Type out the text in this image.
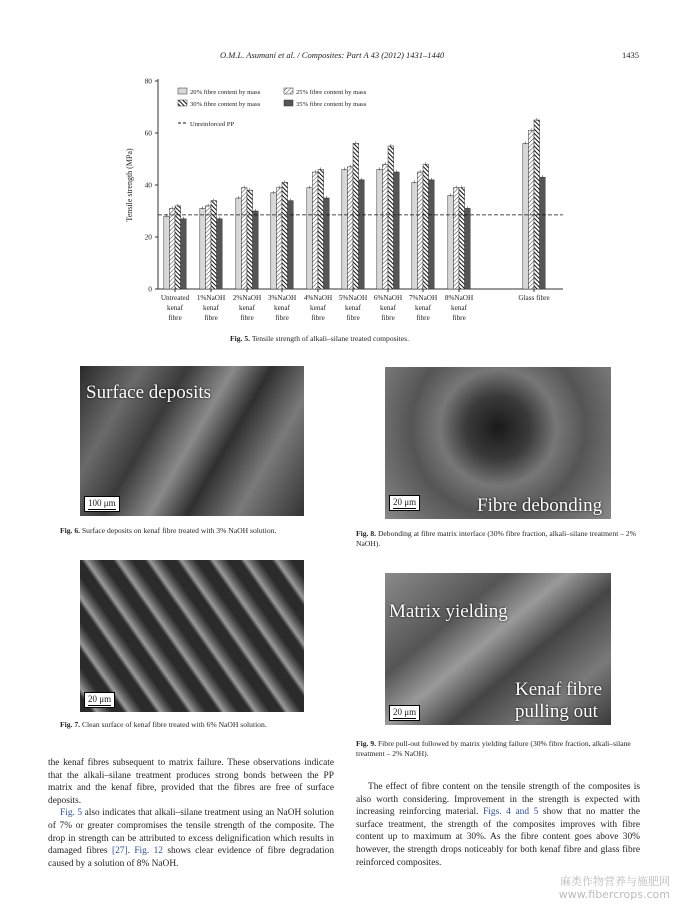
O.M.L. Asumani et al. / Composites: Part A 43 (2012) 1431–1440	1435
0
20
40
60
80
Tensile strength (MPa)
Untreated
kenaf
fibre
1%NaOH
kenaf
fibre
2%NaOH
kenaf
fibre
3%NaOH
kenaf
fibre
4%NaOH
kenaf
fibre
5%NaOH
kenaf
fibre
6%NaOH
kenaf
fibre
7%NaOH
kenaf
fibre
8%NaOH
kenaf
fibre
Glass fibre
20% fibre content by mass	25% fibre content by mass
30% fibre content by mass	35% fibre content by mass
Unreinforced PP
Fig. 5. Tensile strength of alkali–silane treated composites.
Surface deposits
100 μm
Fig. 6. Surface deposits on kenaf fibre treated with 3% NaOH solution.
Fibre debonding
20 μm
Fig. 8. Debonding at fibre matrix interface (30% fibre fraction, alkali–silane treatment – 2% NaOH).
20 μm
Fig. 7. Clean surface of kenaf fibre treated with 6% NaOH solution.
Matrix yielding
Kenaf fibre
pulling out
20 μm
Fig. 9. Fibre pull-out followed by matrix yielding failure (30% fibre fraction, alkali–silane treatment – 2% NaOH).
the kenaf fibres subsequent to matrix failure. These observations indicate that the alkali–silane treatment produces strong bonds between the PP matrix and the kenaf fibre, provided that the fibres are free of surface deposits.
Fig. 5 also indicates that alkali–silane treatment using an NaOH solution of 7% or greater compromises the tensile strength of the composite. The drop in strength can be attributed to excess delignification which results in damaged fibres [27]. Fig. 12 shows clear evidence of fibre degradation caused by a solution of 8% NaOH.
The effect of fibre content on the tensile strength of the composites is also worth considering. Improvement in the strength is expected with increasing reinforcing material. Figs. 4 and 5 show that no matter the surface treatment, the strength of the composites improves with fibre content up to maximum at 30%. As the fibre content goes above 30% however, the strength drops noticeably for both kenaf fibre and glass fibre reinforced composites.
麻类作物营养与施肥网
www.fibercrops.com
